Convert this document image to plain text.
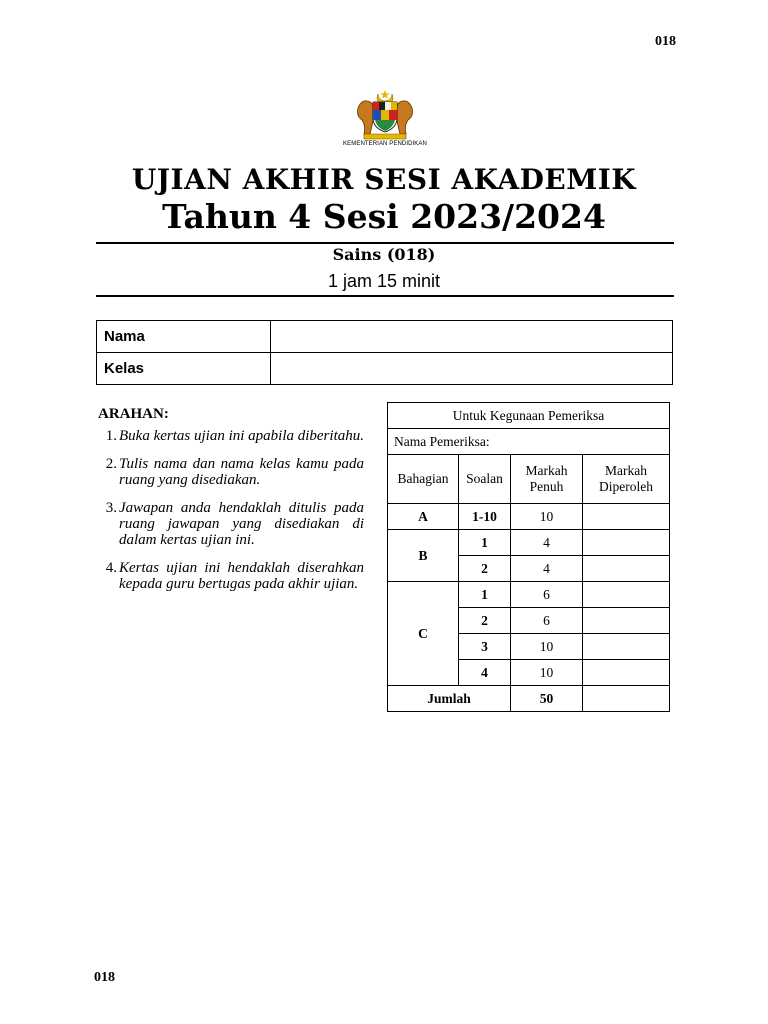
018
KEMENTERIAN PENDIDIKAN
UJIAN AKHIR SESI AKADEMIK
Tahun 4 Sesi 2023/2024
Sains (018)
1 jam 15 minit
Nama	
Kelas	
ARAHAN:
1. Buka kertas ujian ini apabila diberitahu.
2. Tulis nama dan nama kelas kamu pada ruang yang disediakan.
3. Jawapan anda hendaklah ditulis pada ruang jawapan yang disediakan di dalam kertas ujian ini.
4. Kertas ujian ini hendaklah diserahkan kepada guru bertugas pada akhir ujian.
Untuk Kegunaan Pemeriksa			
Nama Pemeriksa:			
Bahagian	Soalan	Markah Penuh	Markah Diperoleh
A	1-10	10	
B	1	4	
	2	4	
C	1	6	
	2	6	
	3	10	
	4	10	
Jumlah		50	
018
